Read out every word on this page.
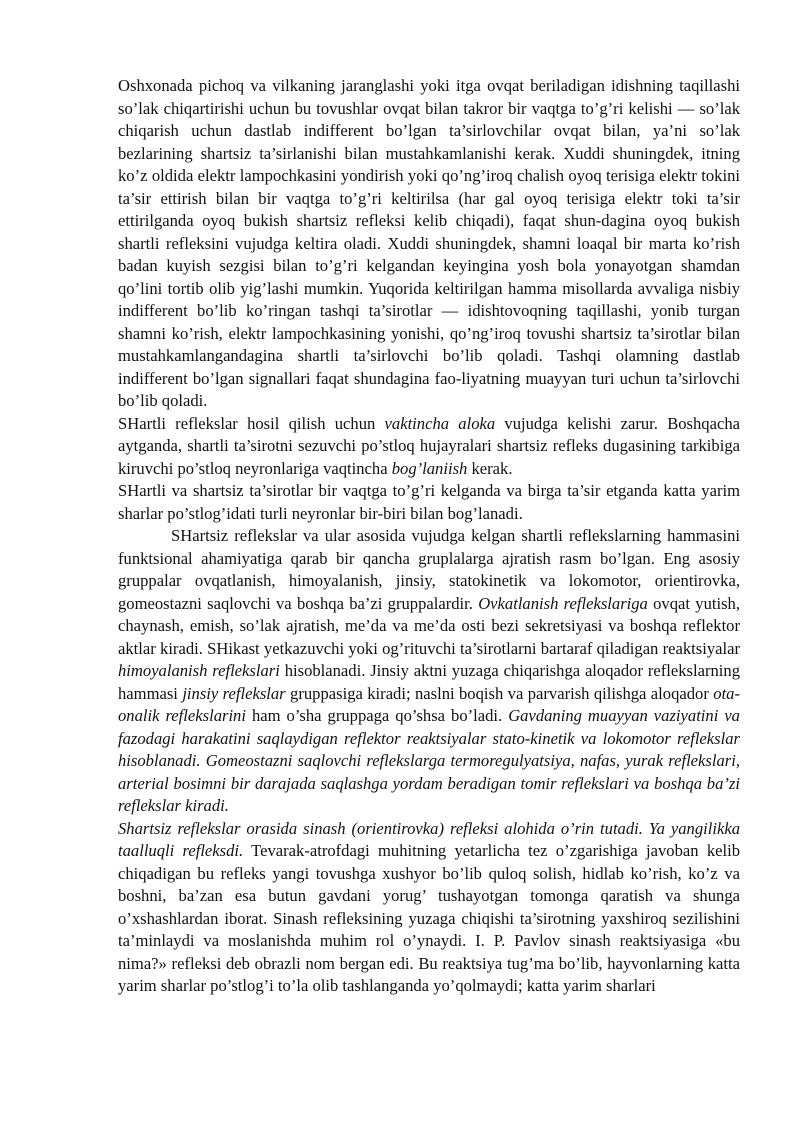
Oshxonada pichoq va vilkaning jaranglashi yoki itga ovqat beriladigan idishning taqillashi so’lak chiqartirishi uchun bu tovushlar ovqat bilan takror bir vaqtga to’g’ri kelishi — so’lak chiqarish uchun dastlab indifferent bo’lgan ta’sirlovchilar ovqat bilan, ya’ni so’lak bezlarining shartsiz ta’sirlanishi bilan mustahkamlanishi kerak. Xuddi shuningdek, itning ko’z oldida elektr lampochkasini yondirish yoki qo’ng’iroq chalish oyoq terisiga elektr tokini ta’sir ettirish bilan bir vaqtga to’g’ri keltirilsa (har gal oyoq terisiga elektr toki ta’sir ettirilganda oyoq bukish shartsiz refleksi kelib chiqadi), faqat shun-dagina oyoq bukish shartli refleksini vujudga keltira oladi. Xuddi shuningdek, shamni loaqal bir marta ko’rish badan kuyish sezgisi bilan to’g’ri kelgandan keyingina yosh bola yonayotgan shamdan qo’lini tortib olib yig’lashi mumkin. Yuqorida keltirilgan hamma misollarda avvaliga nisbiy indifferent bo’lib ko’ringan tashqi ta’sirotlar — idishtovoqning taqillashi, yonib turgan shamni ko’rish, elektr lampochkasining yonishi, qo’ng’iroq tovushi shartsiz ta’sirotlar bilan mustahkamlangandagina shartli ta’sirlovchi bo’lib qoladi. Tashqi olamning dastlab indifferent bo’lgan signallari faqat shundagina fao-liyatning muayyan turi uchun ta’sirlovchi bo’lib qoladi.

SHartli reflekslar hosil qilish uchun vaktincha aloka vujudga kelishi zarur. Boshqacha aytganda, shartli ta’sirotni sezuvchi po’stloq hujayralari shartsiz refleks dugasining tarkibiga kiruvchi po’stloq neyronlariga vaqtincha bog’laniish kerak.

SHartli va shartsiz ta’sirotlar bir vaqtga to’g’ri kelganda va birga ta’sir etganda katta yarim sharlar po’stlog’idati turli neyronlar bir-biri bilan bog’lanadi.

SHartsiz reflekslar va ular asosida vujudga kelgan shartli reflekslarning hammasini funktsional ahamiyatiga qarab bir qancha gruplalarga ajratish rasm bo’lgan. Eng asosiy gruppalar ovqatlanish, himoyalanish, jinsiy, statokinetik va lokomotor, orientirovka, gomeostazni saqlovchi va boshqa ba’zi gruppalardir. Ovkatlanish reflekslariga ovqat yutish, chaynash, emish, so’lak ajratish, me’da va me’da osti bezi sekretsiyasi va boshqa reflektor aktlar kiradi. SHikast yetkazuvchi yoki og’rituvchi ta’sirotlarni bartaraf qiladigan reaktsiyalar himoyalanish reflekslari hisoblanadi. Jinsiy aktni yuzaga chiqarishga aloqador reflekslarning hammasi jinsiy reflekslar gruppasiga kiradi; naslni boqish va parvarish qilishga aloqador ota-onalik reflekslarini ham o’sha gruppaga qo’shsa bo’ladi. Gavdaning muayyan vaziyatini va fazodagi harakatini saqlaydigan reflektor reaktsiyalar stato-kinetik va lokomotor reflekslar hisoblanadi. Gomeostazni saqlovchi reflekslarga termoregulyatsiya, nafas, yurak reflekslari, arterial bosimni bir darajada saqlashga yordam beradigan tomir reflekslari va boshqa ba’zi reflekslar kiradi.

Shartsiz reflekslar orasida sinash (orientirovka) refleksi alohida o’rin tutadi. Ya yangilikka taalluqli refleksdi. Tevarak-atrofdagi muhitning yetarlicha tez o’zgarishiga javoban kelib chiqadigan bu refleks yangi tovushga xushyor bo’lib quloq solish, hidlab ko’rish, ko’z va boshni, ba’zan esa butun gavdani yorug’ tushayotgan tomonga qaratish va shunga o’xshashlardan iborat. Sinash refleksining yuzaga chiqishi ta’sirotning yaxshiroq sezilishini ta’minlaydi va moslanishda muhim rol o’ynaydi. I. P. Pavlov sinash reaktsiyasiga «bu nima?» refleksi deb obrazli nom bergan edi. Bu reaktsiya tug’ma bo’lib, hayvonlarning katta yarim sharlar po’stlog’i to’la olib tashlanganda yo’qolmaydi; katta yarim sharlari
